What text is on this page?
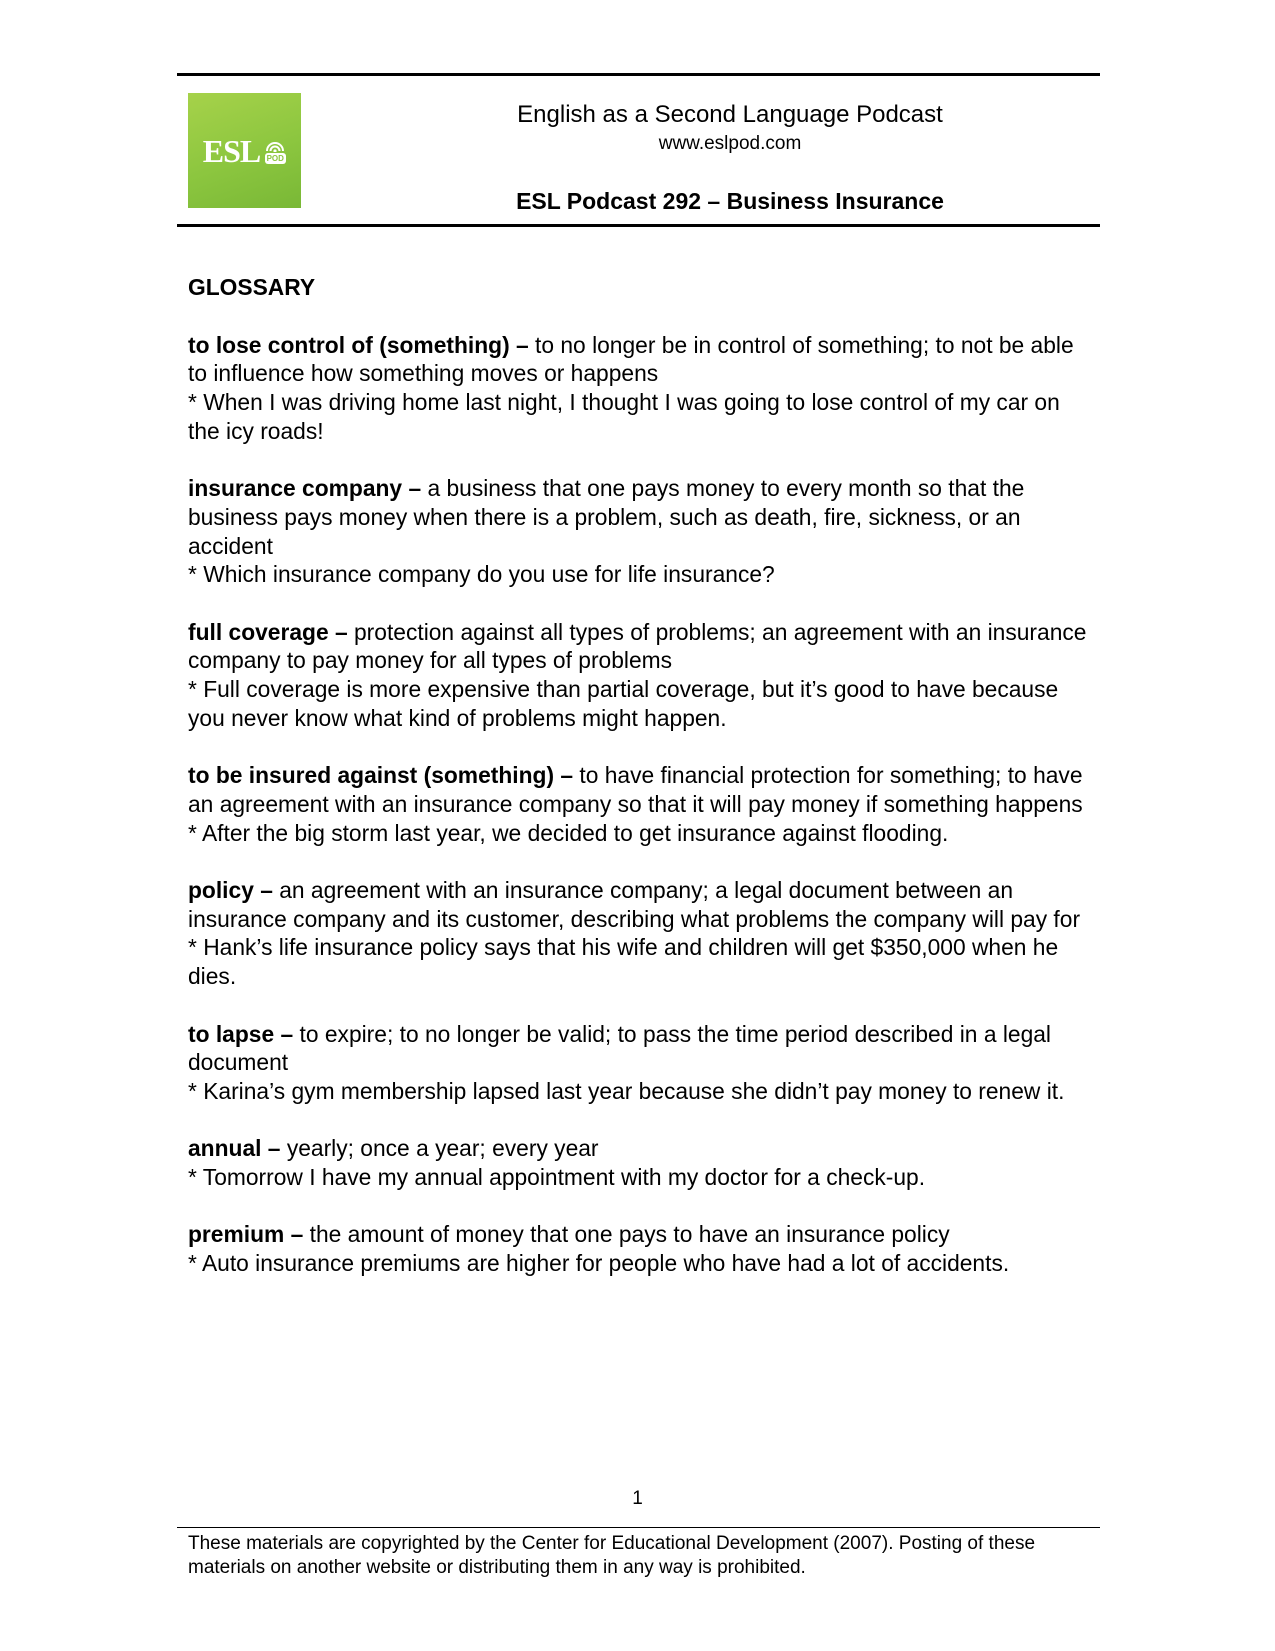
ESL POD
English as a Second Language Podcast
www.eslpod.com
ESL Podcast 292 – Business Insurance
GLOSSARY
to lose control of (something) – to no longer be in control of something; to not be able to influence how something moves or happens
* When I was driving home last night, I thought I was going to lose control of my car on the icy roads!
insurance company – a business that one pays money to every month so that the business pays money when there is a problem, such as death, fire, sickness, or an accident
* Which insurance company do you use for life insurance?
full coverage – protection against all types of problems; an agreement with an insurance company to pay money for all types of problems
* Full coverage is more expensive than partial coverage, but it’s good to have because you never know what kind of problems might happen.
to be insured against (something) – to have financial protection for something; to have an agreement with an insurance company so that it will pay money if something happens
* After the big storm last year, we decided to get insurance against flooding.
policy – an agreement with an insurance company; a legal document between an insurance company and its customer, describing what problems the company will pay for
* Hank’s life insurance policy says that his wife and children will get $350,000 when he dies.
to lapse – to expire; to no longer be valid; to pass the time period described in a legal document
* Karina’s gym membership lapsed last year because she didn’t pay money to renew it.
annual – yearly; once a year; every year
* Tomorrow I have my annual appointment with my doctor for a check-up.
premium – the amount of money that one pays to have an insurance policy
* Auto insurance premiums are higher for people who have had a lot of accidents.
1
These materials are copyrighted by the Center for Educational Development (2007). Posting of these materials on another website or distributing them in any way is prohibited.
